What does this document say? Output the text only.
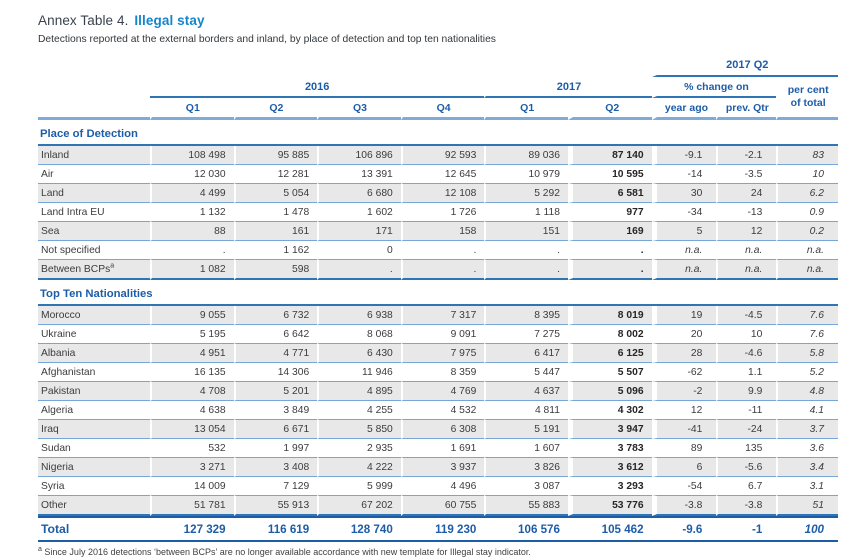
Annex Table 4. Illegal stay
Detections reported at the external borders and inland, by place of detection and top ten nationalities
							2017 Q2		
	2016				2017		% change on		per cent
of total

	Q1	Q2	Q3	Q4	Q1	Q2	year ago	prev. Qtr	
Place of Detection									
Inland	108 498	95 885	106 896	92 593	89 036	87 140	-9.1	-2.1	83
Air	12 030	12 281	13 391	12 645	10 979	10 595	-14	-3.5	10
Land	4 499	5 054	6 680	12 108	5 292	6 581	30	24	6.2
Land Intra EU	1 132	1 478	1 602	1 726	1 118	977	-34	-13	0.9
Sea	88	161	171	158	151	169	5	12	0.2
Not specified	.	1 162	0	.	.	.	n.a.	n.a.	n.a.
Between BCPs$^a$	1 082	598	.	.	.	.	n.a.	n.a.	n.a.
Top Ten Nationalities									
Morocco	9 055	6 732	6 938	7 317	8 395	8 019	19	-4.5	7.6
Ukraine	5 195	6 642	8 068	9 091	7 275	8 002	20	10	7.6
Albania	4 951	4 771	6 430	7 975	6 417	6 125	28	-4.6	5.8
Afghanistan	16 135	14 306	11 946	8 359	5 447	5 507	-62	1.1	5.2
Pakistan	4 708	5 201	4 895	4 769	4 637	5 096	-2	9.9	4.8
Algeria	4 638	3 849	4 255	4 532	4 811	4 302	12	-11	4.1
Iraq	13 054	6 671	5 850	6 308	5 191	3 947	-41	-24	3.7
Sudan	532	1 997	2 935	1 691	1 607	3 783	89	135	3.6
Nigeria	3 271	3 408	4 222	3 937	3 826	3 612	6	-5.6	3.4
Syria	14 009	7 129	5 999	4 496	3 087	3 293	-54	6.7	3.1
Other	51 781	55 913	67 202	60 755	55 883	53 776	-3.8	-3.8	51
Total	127 329	116 619	128 740	119 230	106 576	105 462	-9.6	-1	100
$^a$ Since July 2016 detections ‘between BCPs’ are no longer available accordance with new template for Illegal stay indicator.
